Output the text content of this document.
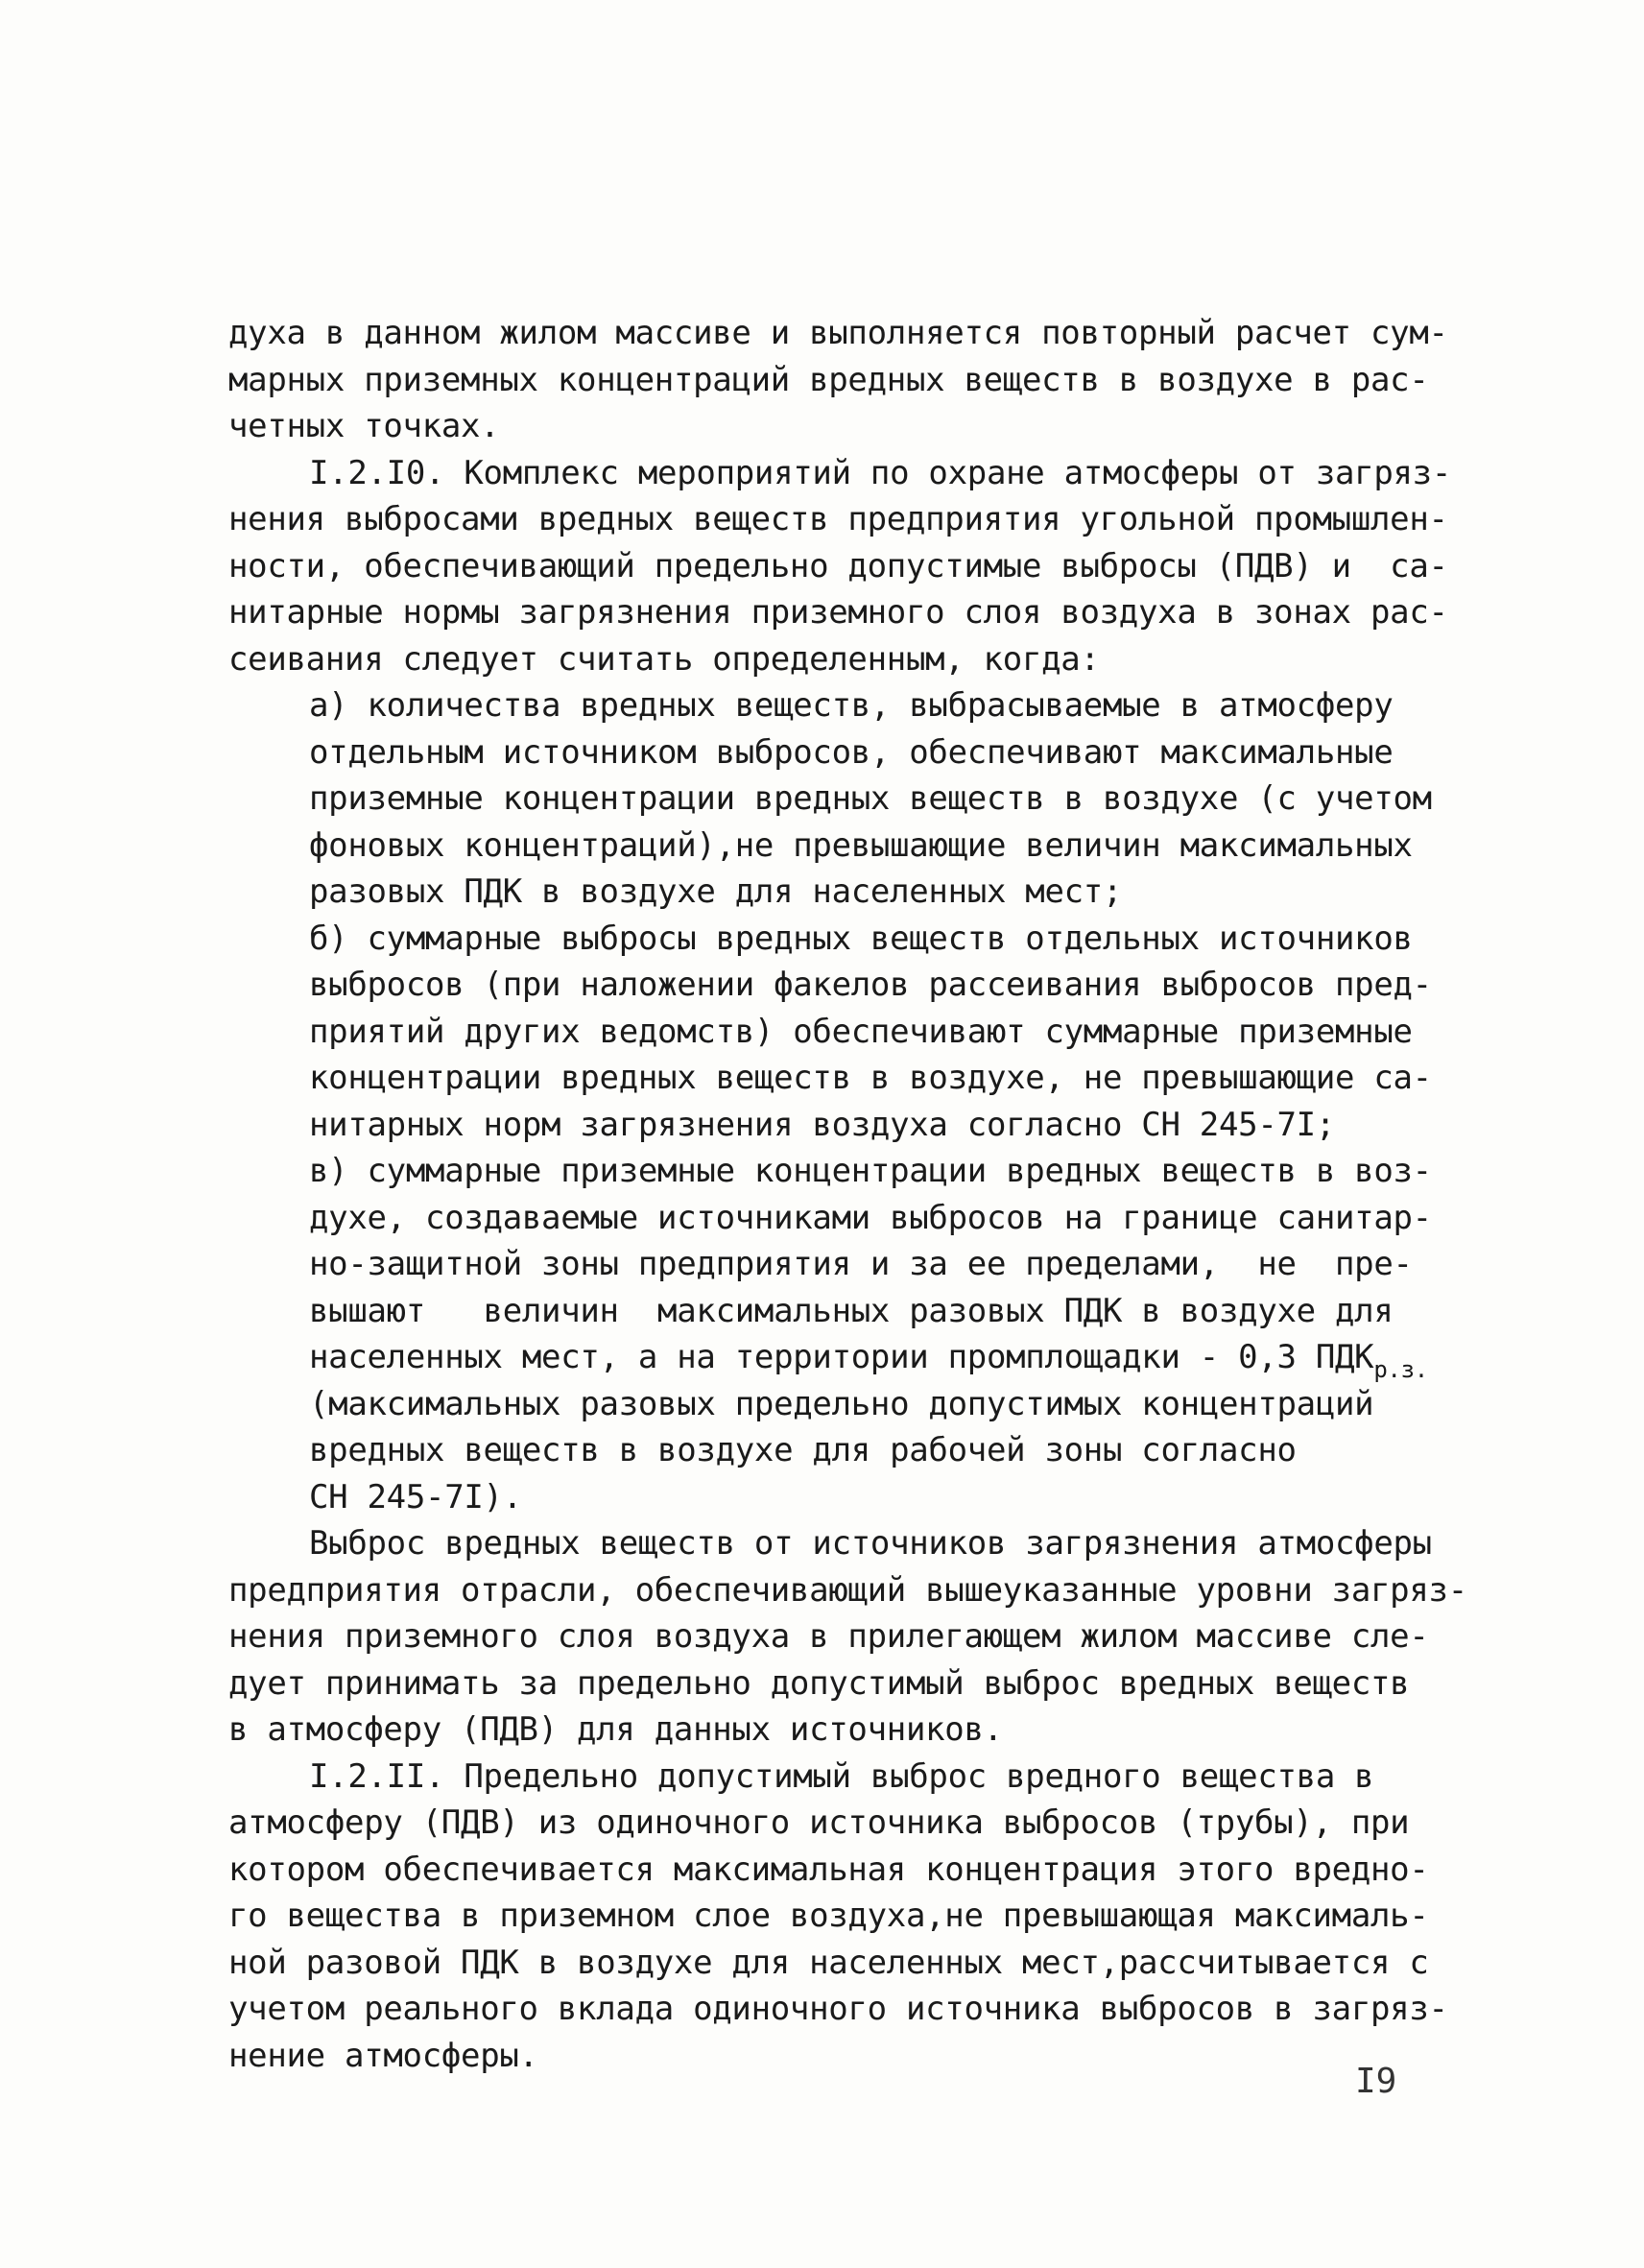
духа в данном жилом массиве и выполняется повторный расчет сум-
марных приземных концентраций вредных веществ в воздухе в рас-
четных точках.
I.2.I0. Комплекс мероприятий по охране атмосферы от загряз-
нения выбросами вредных веществ предприятия угольной промышлен-
ности, обеспечивающий предельно допустимые выбросы (ПДВ) и  са-
нитарные нормы загрязнения приземного слоя воздуха в зонах рас-
сеивания следует считать определенным, когда:
а) количества вредных веществ, выбрасываемые в атмосферу
отдельным источником выбросов, обеспечивают максимальные
приземные концентрации вредных веществ в воздухе (с учетом
фоновых концентраций),не превышающие величин максимальных
разовых ПДК в воздухе для населенных мест;
б) суммарные выбросы вредных веществ отдельных источников
выбросов (при наложении факелов рассеивания выбросов пред-
приятий других ведомств) обеспечивают суммарные приземные
концентрации вредных веществ в воздухе, не превышающие са-
нитарных норм загрязнения воздуха согласно СН 245-7I;
в) суммарные приземные концентрации вредных веществ в воз-
духе, создаваемые источниками выбросов на границе санитар-
но-защитной зоны предприятия и за ее пределами,  не  пре-
вышают   величин  максимальных разовых ПДК в воздухе для
населенных мест, а на территории промплощадки - 0,3 $ПДК_{р.з.}$
(максимальных разовых предельно допустимых концентраций
вредных веществ в воздухе для рабочей зоны согласно
СН 245-7I).
Выброс вредных веществ от источников загрязнения атмосферы
предприятия отрасли, обеспечивающий вышеуказанные уровни загряз-
нения приземного слоя воздуха в прилегающем жилом массиве сле-
дует принимать за предельно допустимый выброс вредных веществ
в атмосферу (ПДВ) для данных источников.
I.2.II. Предельно допустимый выброс вредного вещества в
атмосферу (ПДВ) из одиночного источника выбросов (трубы), при
котором обеспечивается максимальная концентрация этого вредно-
го вещества в приземном слое воздуха,не превышающая максималь-
ной разовой ПДК в воздухе для населенных мест,рассчитывается с
учетом реального вклада одиночного источника выбросов в загряз-
нение атмосферы.
I9
